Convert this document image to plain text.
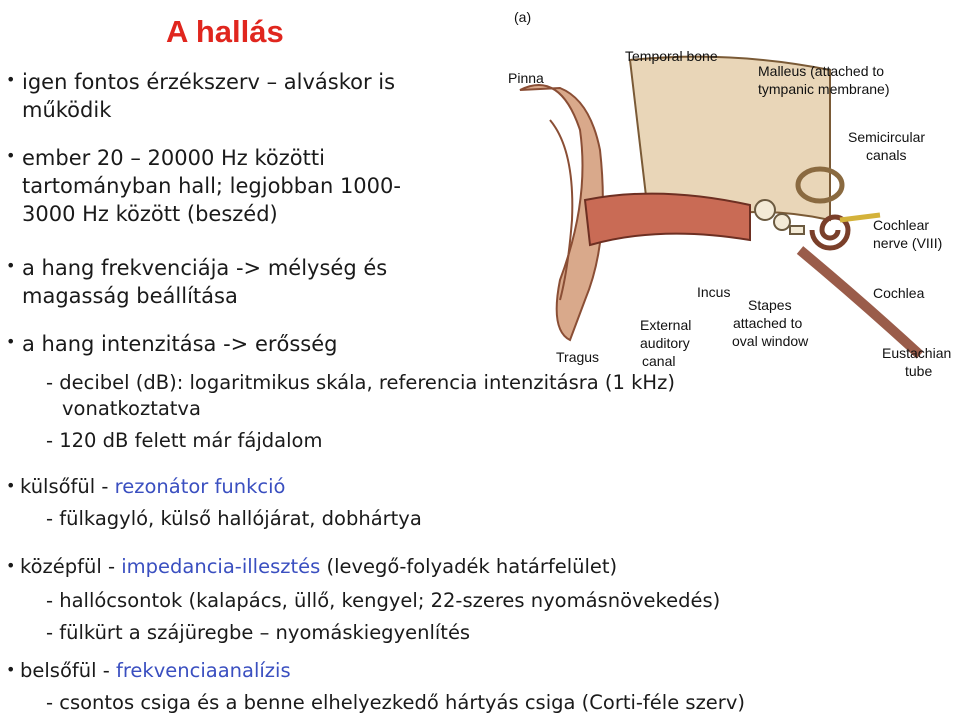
A hallás	(a)
Pinna
Temporal bone
Malleus (attached to
tympanic membrane)
Semicircular
canals
Cochlear
nerve (VIII)
Cochlea
Incus
Stapes
attached to
oval window
External
auditory
canal
Tragus	Eustachian
tube
• igen fontos érzékszerv – alváskor is
működik
• ember 20 – 20000 Hz közötti
tartományban hall; legjobban 1000-
3000 Hz között (beszéd)
• a hang frekvenciája -> mélység és
magasság beállítása
• a hang intenzitása -> erősség
- decibel (dB): logaritmikus skála, referencia intenzitásra (1 kHz)
vonatkoztatva
- 120 dB felett már fájdalom
• külsőfül - rezonátor funkció
- fülkagyló, külső hallójárat, dobhártya
• középfül - impedancia-illesztés (levegő-folyadék határfelület)
- hallócsontok (kalapács, üllő, kengyel; 22-szeres nyomásnövekedés)
- fülkürt a szájüregbe – nyomáskiegyenlítés
• belsőfül - frekvenciaanalízis
- csontos csiga és a benne elhelyezkedő hártyás csiga (Corti-féle szerv)
